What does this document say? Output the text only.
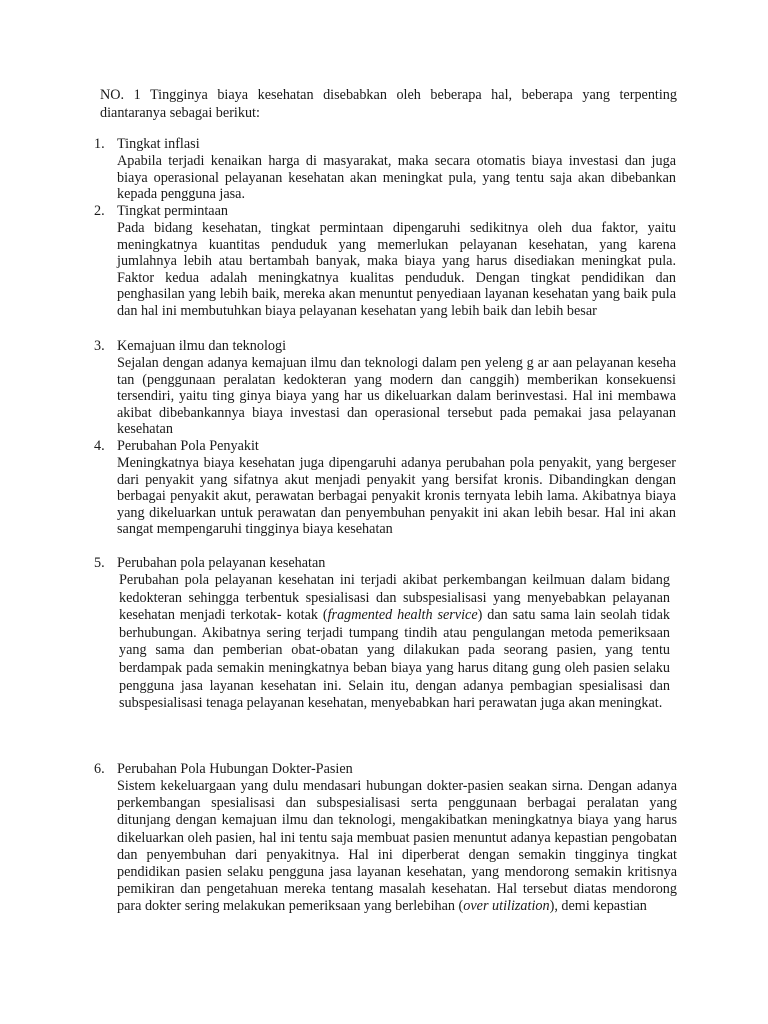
NO. 1 Tingginya biaya kesehatan disebabkan oleh beberapa hal, beberapa yang terpenting diantaranya sebagai berikut:

1. Tingkat inflasi

Apabila terjadi kenaikan harga di masyarakat, maka secara otomatis biaya investasi dan juga biaya operasional pelayanan kesehatan akan meningkat pula, yang tentu saja akan dibebankan kepada pengguna jasa.

2. Tingkat permintaan

Pada bidang kesehatan, tingkat permintaan dipengaruhi sedikitnya oleh dua faktor, yaitu meningkatnya kuantitas penduduk yang memerlukan pelayanan kesehatan, yang karena jumlahnya lebih atau bertambah banyak, maka biaya yang harus disediakan meningkat pula. Faktor kedua adalah meningkatnya kualitas penduduk. Dengan tingkat pendidikan dan penghasilan yang lebih baik, mereka akan menuntut penyediaan layanan kesehatan yang baik pula dan hal ini membutuhkan biaya pelayanan kesehatan yang lebih baik dan lebih besar

3. Kemajuan ilmu dan teknologi

Sejalan dengan adanya kemajuan ilmu dan teknologi dalam pen yeleng g ar aan pelayanan keseha tan (penggunaan peralatan kedokteran yang modern dan canggih) memberikan konsekuensi tersendiri, yaitu ting ginya biaya yang har us dikeluarkan dalam berinvestasi. Hal ini membawa akibat dibebankannya biaya investasi dan operasional tersebut pada pemakai jasa pelayanan kesehatan

4. Perubahan Pola Penyakit

Meningkatnya biaya kesehatan juga dipengaruhi adanya perubahan pola penyakit, yang bergeser dari penyakit yang sifatnya akut menjadi penyakit yang bersifat kronis. Dibandingkan dengan berbagai penyakit akut, perawatan berbagai penyakit kronis ternyata lebih lama. Akibatnya biaya yang dikeluarkan untuk perawatan dan penyembuhan penyakit ini akan lebih besar. Hal ini akan sangat mempengaruhi tingginya biaya kesehatan

5. Perubahan pola pelayanan kesehatan

Perubahan pola pelayanan kesehatan ini terjadi akibat perkembangan keilmuan dalam bidang kedokteran sehingga terbentuk spesialisasi dan subspesialisasi yang menyebabkan pelayanan kesehatan menjadi terkotak- kotak (fragmented health service) dan satu sama lain seolah tidak berhubungan. Akibatnya sering terjadi tumpang tindih atau pengulangan metoda pemeriksaan yang sama dan pemberian obat-obatan yang dilakukan pada seorang pasien, yang tentu berdampak pada semakin meningkatnya beban biaya yang harus ditang gung oleh pasien selaku pengguna jasa layanan kesehatan ini. Selain itu, dengan adanya pembagian spesialisasi dan subspesialisasi tenaga pelayanan kesehatan, menyebabkan hari perawatan juga akan meningkat.

6. Perubahan Pola Hubungan Dokter-Pasien

Sistem kekeluargaan yang dulu mendasari hubungan dokter-pasien seakan sirna. Dengan adanya perkembangan spesialisasi dan subspesialisasi serta penggunaan berbagai peralatan yang ditunjang dengan kemajuan ilmu dan teknologi, mengakibatkan meningkatnya biaya yang harus dikeluarkan oleh pasien, hal ini tentu saja membuat pasien menuntut adanya kepastian pengobatan dan penyembuhan dari penyakitnya. Hal ini diperberat dengan semakin tingginya tingkat pendidikan pasien selaku pengguna jasa layanan kesehatan, yang mendorong semakin kritisnya pemikiran dan pengetahuan mereka tentang masalah kesehatan. Hal tersebut diatas mendorong para dokter sering melakukan pemeriksaan yang berlebihan (over utilization), demi kepastian
